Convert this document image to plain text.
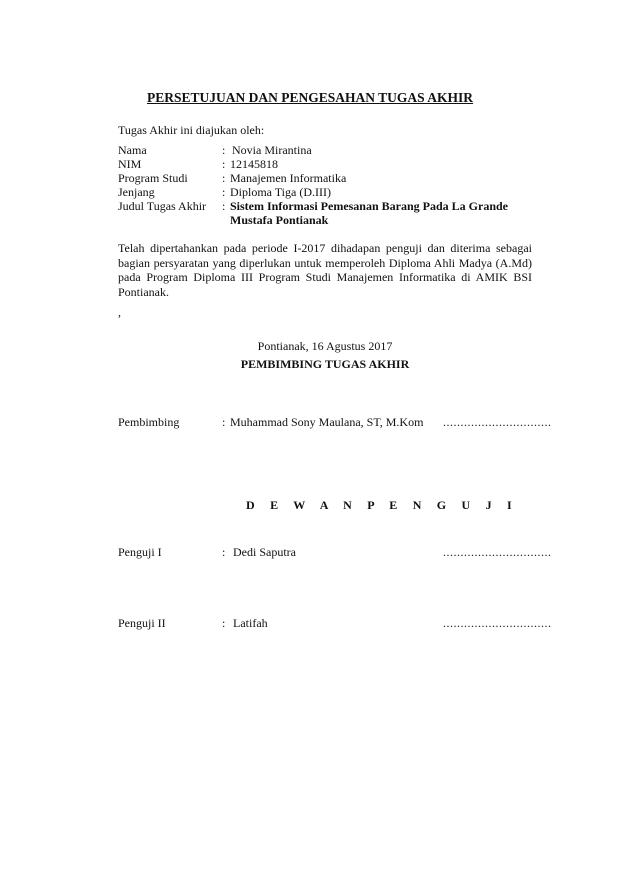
PERSETUJUAN DAN PENGESAHAN TUGAS AKHIR
Tugas Akhir ini diajukan oleh:
Nama	: Novia Mirantina
NIM	: 12145818
Program Studi	: Manajemen Informatika
Jenjang	: Diploma Tiga (D.III)
Judul Tugas Akhir : Sistem Informasi Pemesanan Barang Pada La Grande
Mustafa Pontianak
Telah dipertahankan pada periode I-2017 dihadapan penguji dan diterima sebagai bagian persyaratan yang diperlukan untuk memperoleh Diploma Ahli Madya (A.Md) pada Program Diploma III Program Studi Manajemen Informatika di AMIK BSI Pontianak.
,
Pontianak, 16 Agustus 2017
PEMBIMBING TUGAS AKHIR
Pembimbing	: Muhammad Sony Maulana, ST, M.Kom ...............................
D E W A N P E N G U J I
Penguji I	: Dedi Saputra	...............................
Penguji II	: Latifah	...............................
